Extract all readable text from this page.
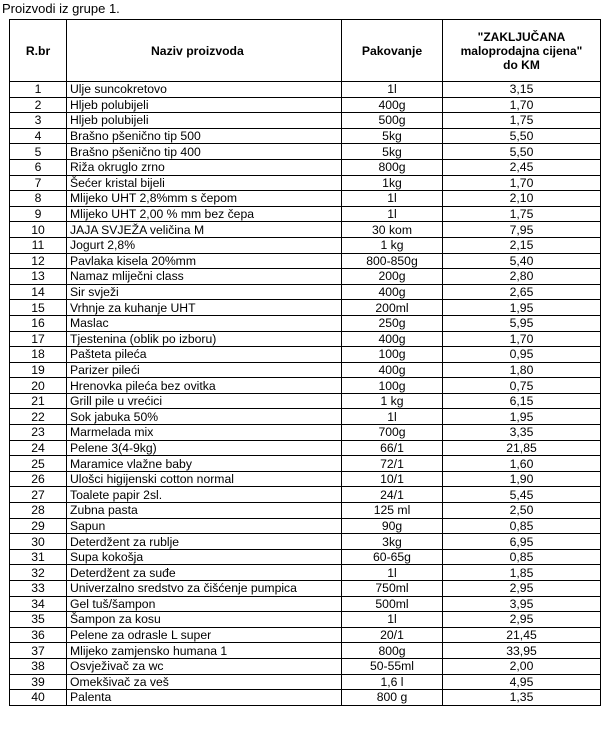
Proizvodi iz grupe 1.
R.br	Naziv proizvoda	Pakovanje	"ZAKLJUČANA
maloprodajna cijena"
do KM
1	Ulje suncokretovo	1l	3,15
2	Hljeb polubijeli	400g	1,70
3	Hljeb polubijeli	500g	1,75
4	Brašno pšenično tip 500	5kg	5,50
5	Brašno pšenično tip 400	5kg	5,50
6	Riža okruglo zrno	800g	2,45
7	Šećer kristal bijeli	1kg	1,70
8	Mlijeko UHT 2,8%mm s čepom	1l	2,10
9	Mlijeko UHT 2,00 % mm bez čepa	1l	1,75
10	JAJA SVJEŽA veličina M	30 kom	7,95
11	Jogurt 2,8%	1 kg	2,15
12	Pavlaka kisela 20%mm	800-850g	5,40
13	Namaz mliječni class	200g	2,80
14	Sir svježi	400g	2,65
15	Vrhnje za kuhanje UHT	200ml	1,95
16	Maslac	250g	5,95
17	Tjestenina (oblik po izboru)	400g	1,70
18	Pašteta pileća	100g	0,95
19	Parizer pileći	400g	1,80
20	Hrenovka pileća bez ovitka	100g	0,75
21	Grill pile u vrećici	1 kg	6,15
22	Sok jabuka 50%	1l	1,95
23	Marmelada mix	700g	3,35
24	Pelene 3(4-9kg)	66/1	21,85
25	Maramice vlažne baby	72/1	1,60
26	Ulošci higijenski cotton normal	10/1	1,90
27	Toalete papir 2sl.	24/1	5,45
28	Zubna pasta	125 ml	2,50
29	Sapun	90g	0,85
30	Deterdžent za rublje	3kg	6,95
31	Supa kokošja	60-65g	0,85
32	Deterdžent za suđe	1l	1,85
33	Univerzalno sredstvo za čišćenje pumpica	750ml	2,95
34	Gel tuš/šampon	500ml	3,95
35	Šampon za kosu	1l	2,95
36	Pelene za odrasle L super	20/1	21,45
37	Mlijeko zamjensko humana 1	800g	33,95
38	Osvježivač za wc	50-55ml	2,00
39	Omekšivač za veš	1,6 l	4,95
40	Palenta	800 g	1,35
